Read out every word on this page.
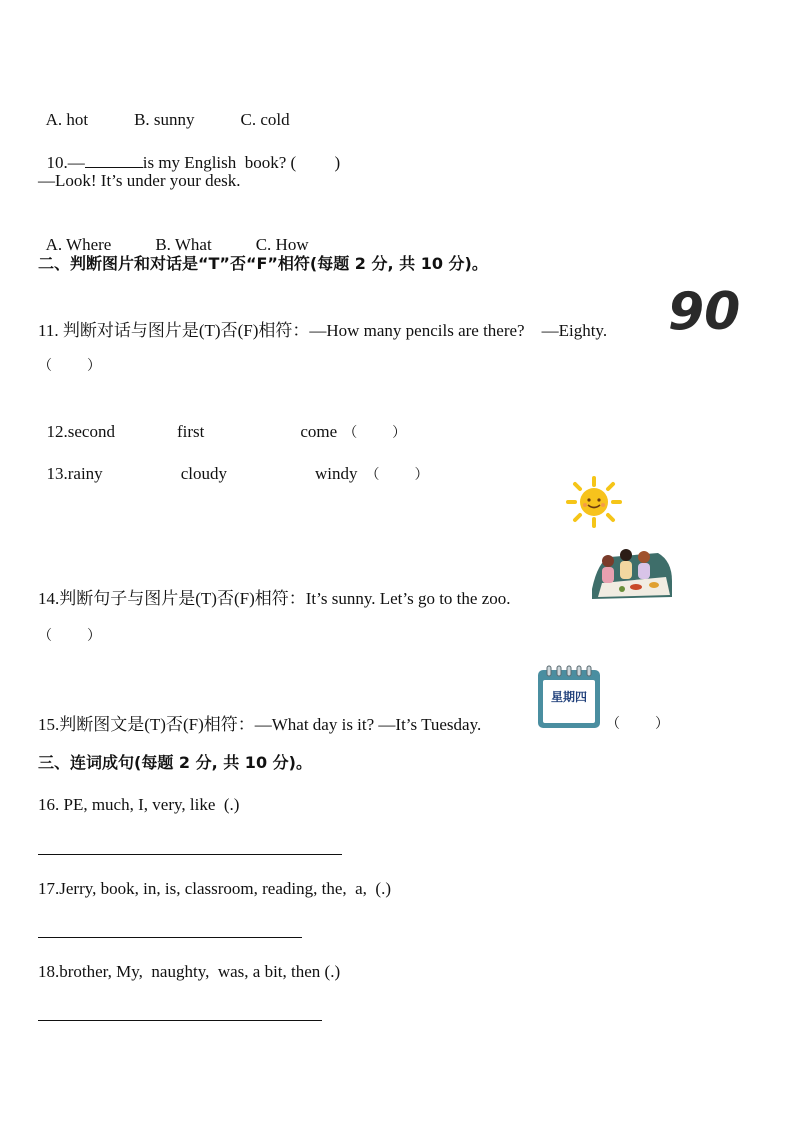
A. hot	B. sunny	C. cold

10.—	is my English  book? (         )

—Look! It’s under your desk.

A. Where	B. What	C. How

二、判断图片和对话是“T”否“F”相符(每题 2 分, 共 10 分)。
11. 判断对话与图片是(T)否(F)相符：—How many pencils are there?    —Eighty. 90
（          ）

12.second	first	come （          ）

13.rainy	cloudy	windy （          ）

14.判断句子与图片是(T)否(F)相符：It’s sunny. Let’s go to the zoo.
（          ）
星期四
15.判断图文是(T)否(F)相符：—What day is it? —It’s Tuesday.	（          ）
三、连词成句(每题 2 分, 共 10 分)。
16. PE, much, I, very, like  (.)
17.Jerry, book, in, is, classroom, reading, the,  a,  (.)
18.brother, My,  naughty,  was, a bit, then (.)
